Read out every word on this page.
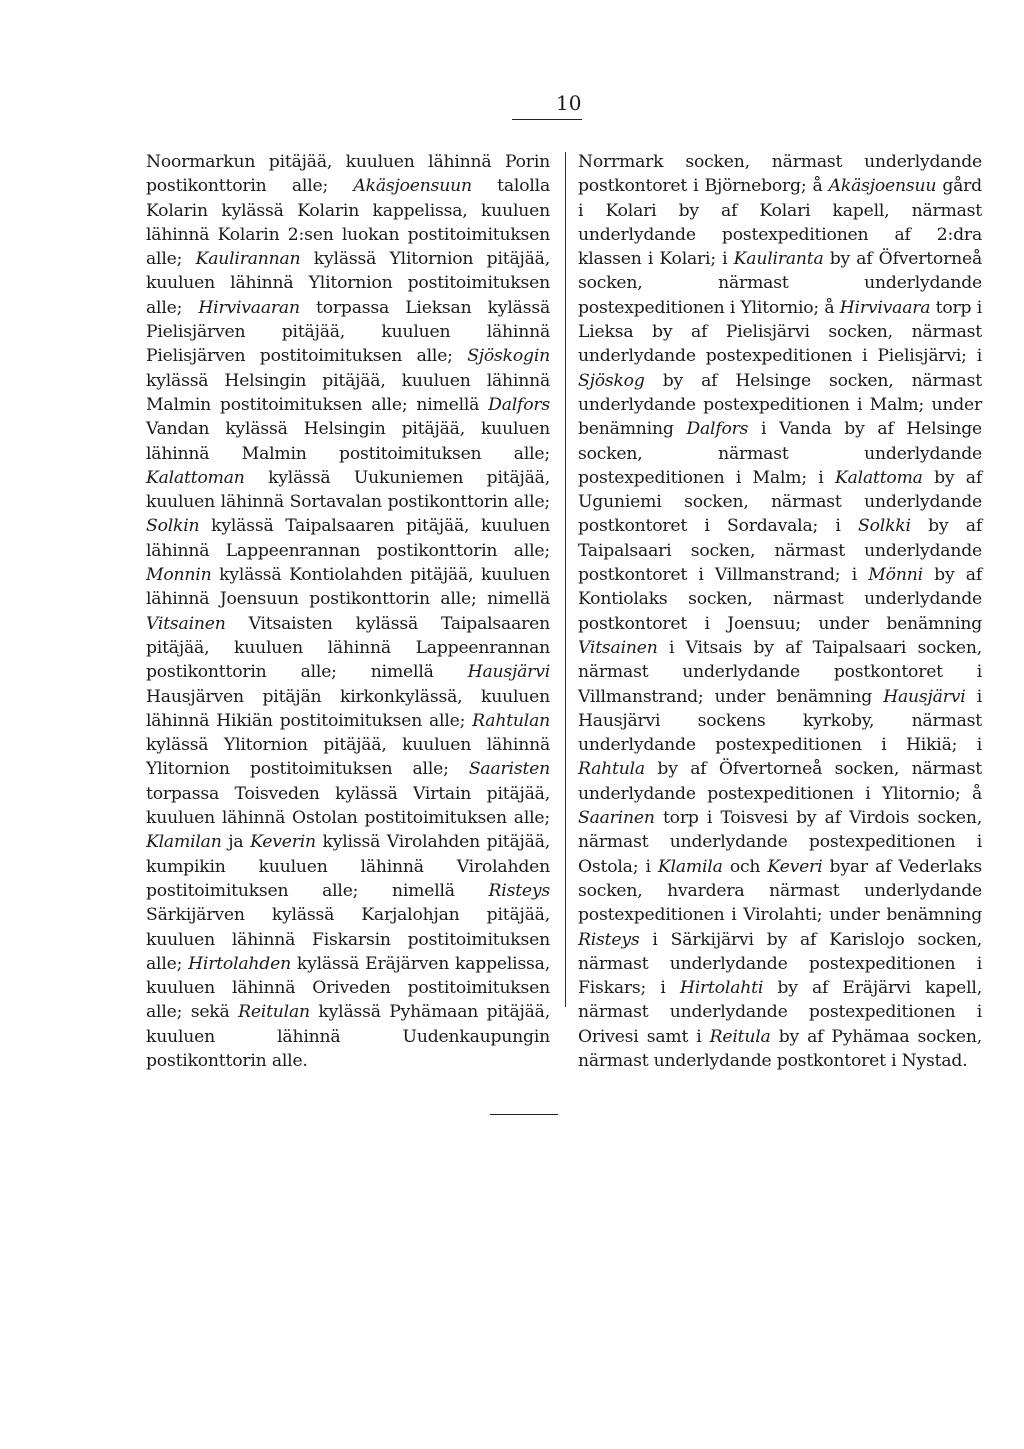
10

Noormarkun pitäjää, kuuluen lähinnä Porin postikonttorin alle; Akäsjoensuun talolla Kolarin kylässä Kolarin kappelissa, kuuluen lähinnä Kolarin 2:sen luokan postitoimituksen alle; Kaulirannan kylässä Ylitornion pitäjää, kuuluen lähinnä Ylitornion postitoimituksen alle; Hirvivaaran torpassa Lieksan kylässä Pielisjärven pitäjää, kuuluen lähinnä Pielisjärven postitoimituksen alle; Sjöskogin kylässä Helsingin pitäjää, kuuluen lähinnä Malmin postitoimituksen alle; nimellä Dalfors Vandan kylässä Helsingin pitäjää, kuuluen lähinnä Malmin postitoimituksen alle; Kalattoman kylässä Uukuniemen pitäjää, kuuluen lähinnä Sortavalan postikonttorin alle; Solkin kylässä Taipalsaaren pitäjää, kuuluen lähinnä Lappeenrannan postikonttorin alle; Monnin kylässä Kontiolahden pitäjää, kuuluen lähinnä Joensuun postikonttorin alle; nimellä Vitsainen Vitsaisten kylässä Taipalsaaren pitäjää, kuuluen lähinnä Lappeenrannan postikonttorin alle; nimellä Hausjärvi Hausjärven pitäjän kirkonkylässä, kuuluen lähinnä Hikiän postitoimituksen alle; Rahtulan kylässä Ylitornion pitäjää, kuuluen lähinnä Ylitornion postitoimituksen alle; Saaristen torpassa Toisveden kylässä Virtain pitäjää, kuuluen lähinnä Ostolan postitoimituksen alle; Klamilan ja Keverin kylissä Virolahden pitäjää, kumpikin kuuluen lähinnä Virolahden postitoimituksen alle; nimellä Risteys Särkijärven kylässä Karjalohjan pitäjää, kuuluen lähinnä Fiskarsin postitoimituksen alle; Hirtolahden kylässä Eräjärven kappelissa, kuuluen lähinnä Oriveden postitoimituksen alle; sekä Reitulan kylässä Pyhämaan pitäjää, kuuluen lähinnä Uudenkaupungin postikonttorin alle.

Norrmark socken, närmast underlydande postkontoret i Björneborg; å Akäsjoensuu gård i Kolari by af Kolari kapell, närmast underlydande postexpeditionen af 2:dra klassen i Kolari; i Kauliranta by af Öfvertorneå socken, närmast underlydande postexpeditionen i Ylitornio; å Hirvivaara torp i Lieksa by af Pielisjärvi socken, närmast underlydande postexpeditionen i Pielisjärvi; i Sjöskog by af Helsinge socken, närmast underlydande postexpeditionen i Malm; under benämning Dalfors i Vanda by af Helsinge socken, närmast underlydande postexpeditionen i Malm; i Kalattoma by af Uguniemi socken, närmast underlydande postkontoret i Sordavala; i Solkki by af Taipalsaari socken, närmast underlydande postkontoret i Villmanstrand; i Mönni by af Kontiolaks socken, närmast underlydande postkontoret i Joensuu; under benämning Vitsainen i Vitsais by af Taipalsaari socken, närmast underlydande postkontoret i Villmanstrand; under benämning Hausjärvi i Hausjärvi sockens kyrkoby, närmast underlydande postexpeditionen i Hikiä; i Rahtula by af Öfvertorneå socken, närmast underlydande postexpeditionen i Ylitornio; å Saarinen torp i Toisvesi by af Virdois socken, närmast underlydande postexpeditionen i Ostola; i Klamila och Keveri byar af Vederlaks socken, hvardera närmast underlydande postexpeditionen i Virolahti; under benämning Risteys i Särkijärvi by af Karislojo socken, närmast underlydande postexpeditionen i Fiskars; i Hirtolahti by af Eräjärvi kapell, närmast underlydande postexpeditionen i Orivesi samt i Reitula by af Pyhämaa socken, närmast underlydande postkontoret i Nystad.
